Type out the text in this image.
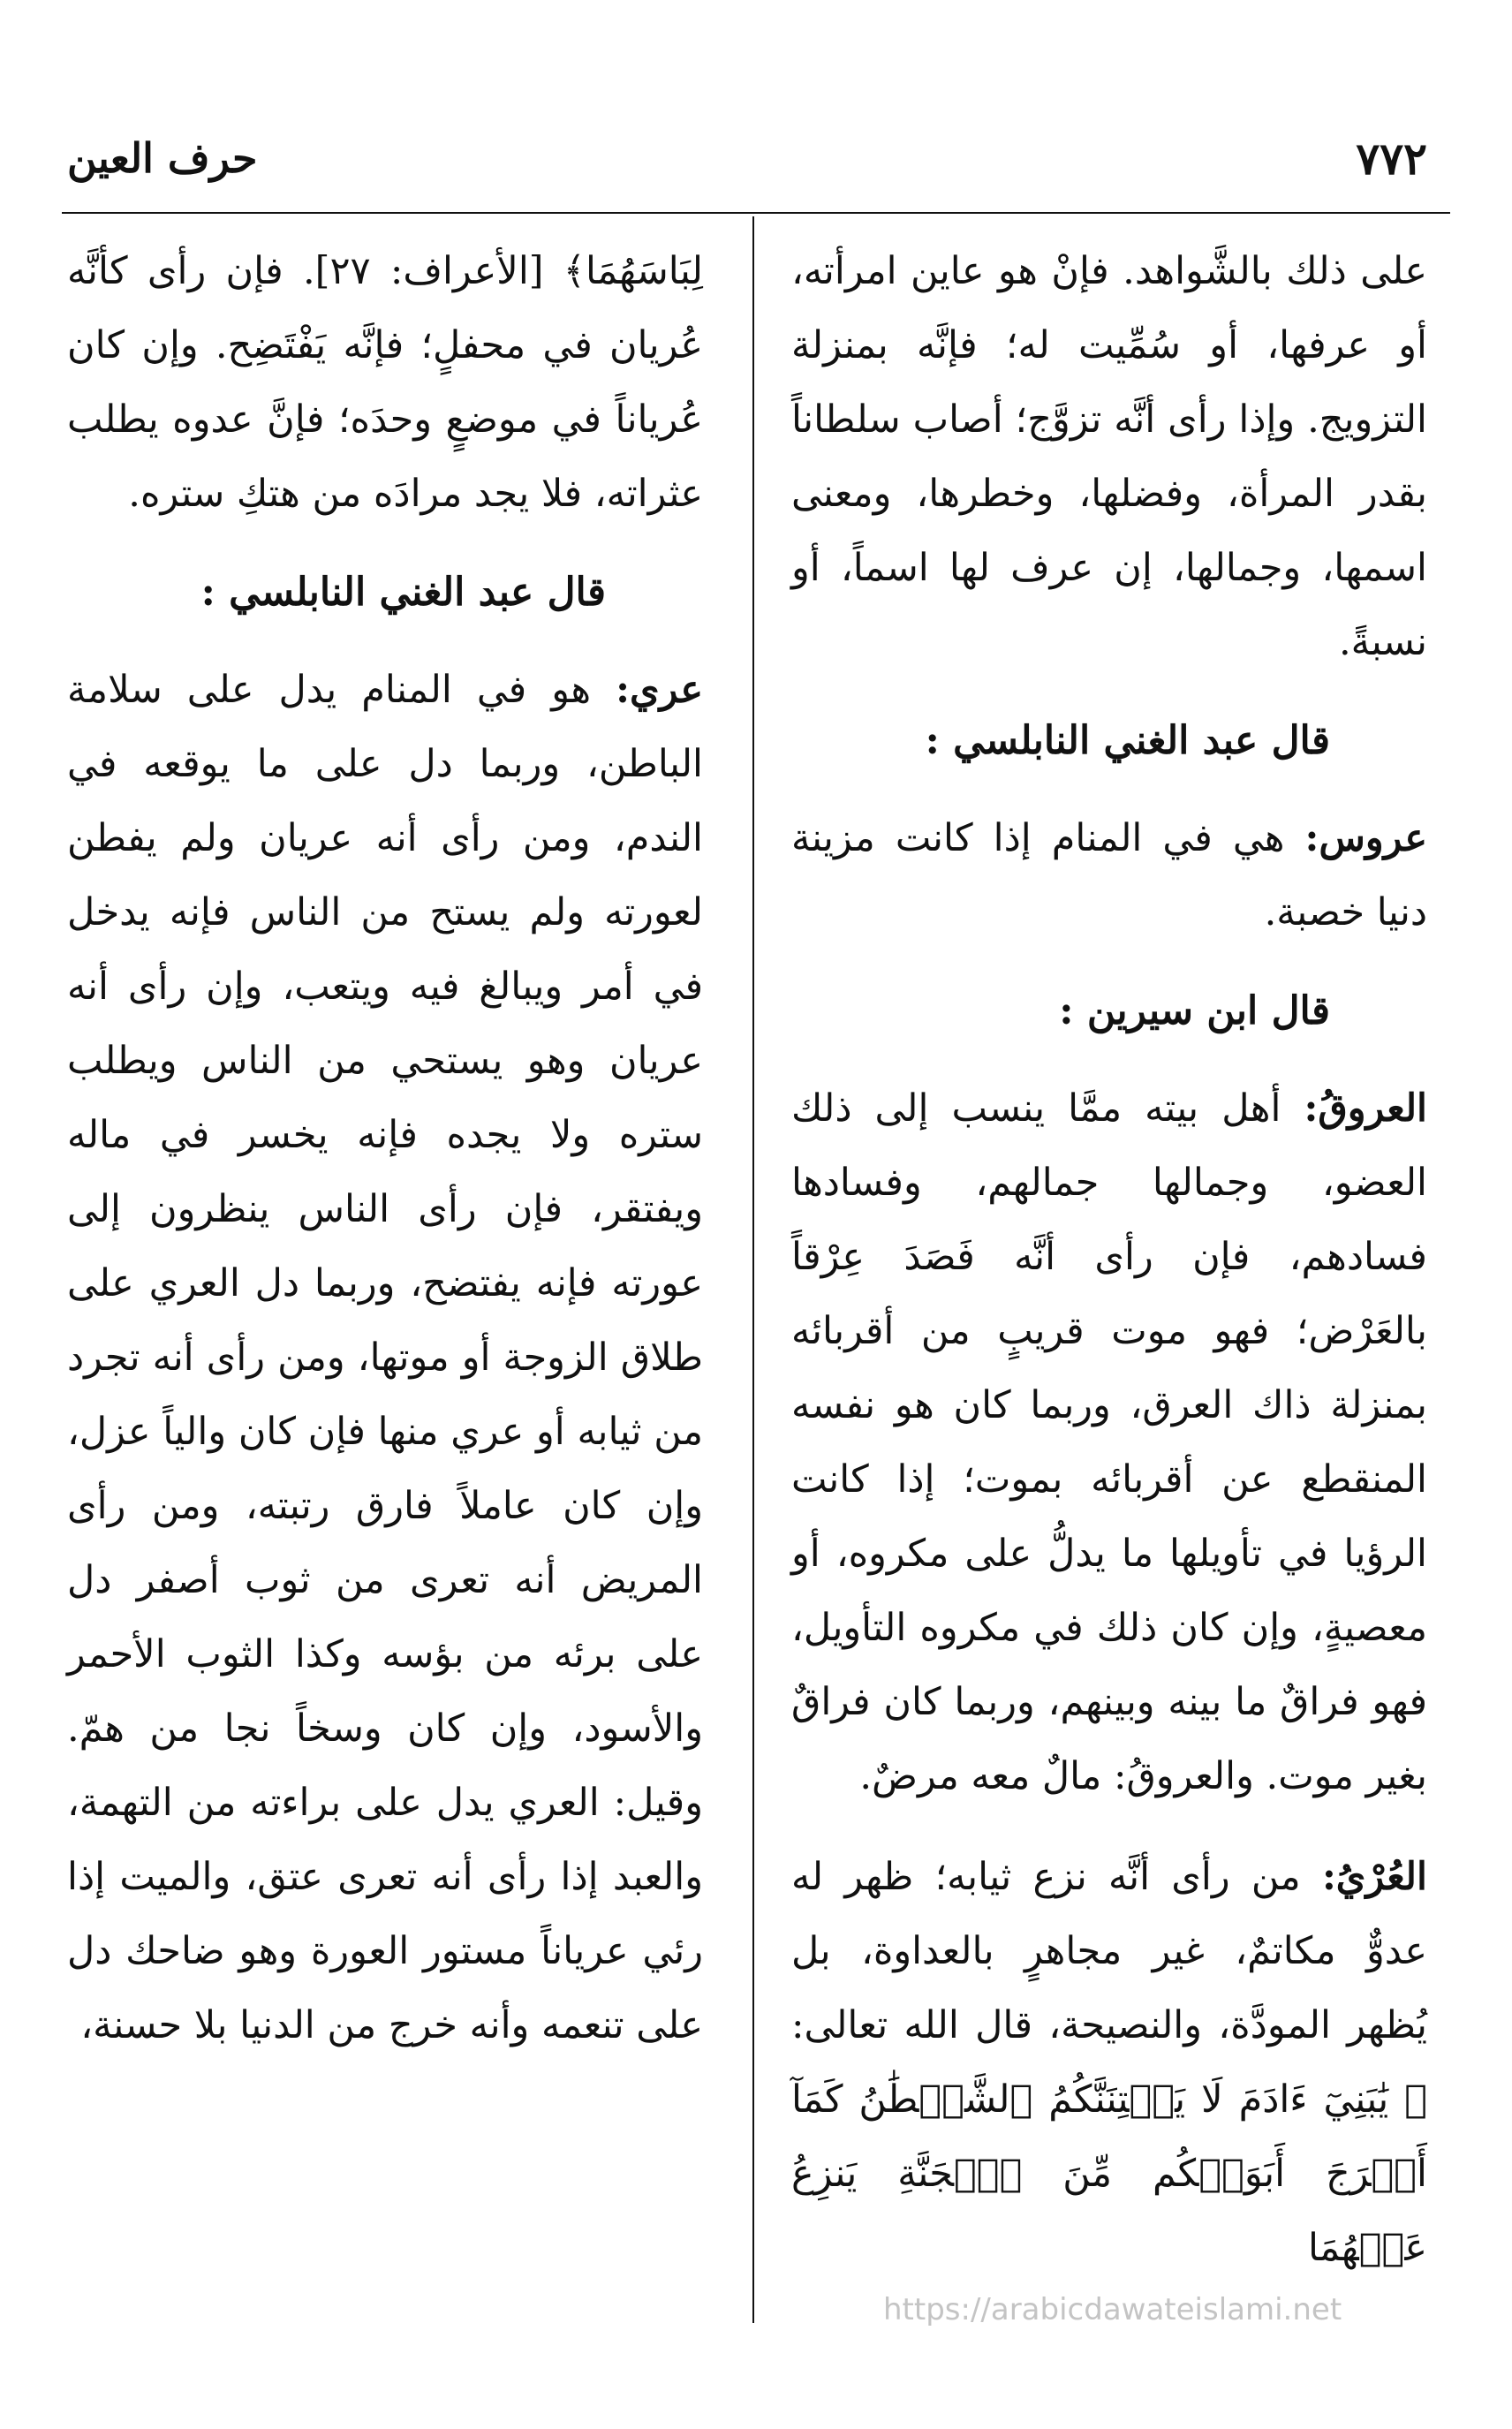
٧٧٢
حرف العين

على ذلك بالشَّواهد. فإنْ هو عاين امرأته، أو عرفها، أو سُمِّيت له؛ فإنَّه بمنزلة التزويج. وإذا رأى أنَّه تزوَّج؛ أصاب سلطاناً بقدر المرأة، وفضلها، وخطرها، ومعنى اسمها، وجمالها، إن عرف لها اسماً، أو نسبةً.

قال عبد الغني النابلسي :

عروس: هي في المنام إذا كانت مزينة دنيا خصبة.

قال ابن سيرين :

العروقُ: أهل بيته ممَّا ينسب إلى ذلك العضو، وجمالها جمالهم، وفسادها فسادهم، فإن رأى أنَّه فَصَدَ عِرْقاً بالعَرْض؛ فهو موت قريبٍ من أقربائه بمنزلة ذاك العرق، وربما كان هو نفسه المنقطع عن أقربائه بموت؛ إذا كانت الرؤيا في تأويلها ما يدلُّ على مكروه، أو معصيةٍ، وإن كان ذلك في مكروه التأويل، فهو فراقٌ ما بينه وبينهم، وربما كان فراقٌ بغير موت. والعروقُ: مالٌ معه مرضٌ.

العُرْيُ: من رأى أنَّه نزع ثيابه؛ ظهر له عدوٌّ مكاتمٌ، غير مجاهرٍ بالعداوة، بل يُظهر المودَّة، والنصيحة، قال الله تعالى: ﴿ يَٰبَنِيٓ ءَادَمَ لَا يَفۡتِنَنَّكُمُ ٱلشَّيۡطَٰنُ كَمَآ أَخۡرَجَ أَبَوَيۡكُم مِّنَ ٱلۡجَنَّةِ يَنزِعُ عَنۡهُمَا

لِبَاسَهُمَا﴾ [الأعراف: ٢٧]. فإن رأى كأنَّه عُريان في محفلٍ؛ فإنَّه يَفْتَضِح. وإن كان عُرياناً في موضعٍ وحدَه؛ فإنَّ عدوه يطلب عثراته، فلا يجد مرادَه من هتكِ ستره.

قال عبد الغني النابلسي :

عري: هو في المنام يدل على سلامة الباطن، وربما دل على ما يوقعه في الندم، ومن رأى أنه عريان ولم يفطن لعورته ولم يستح من الناس فإنه يدخل في أمر ويبالغ فيه ويتعب، وإن رأى أنه عريان وهو يستحي من الناس ويطلب ستره ولا يجده فإنه يخسر في ماله ويفتقر، فإن رأى الناس ينظرون إلى عورته فإنه يفتضح، وربما دل العري على طلاق الزوجة أو موتها، ومن رأى أنه تجرد من ثيابه أو عري منها فإن كان والياً عزل، وإن كان عاملاً فارق رتبته، ومن رأى المريض أنه تعرى من ثوب أصفر دل على برئه من بؤسه وكذا الثوب الأحمر والأسود، وإن كان وسخاً نجا من همّ. وقيل: العري يدل على براءته من التهمة، والعبد إذا رأى أنه تعرى عتق، والميت إذا رئي عرياناً مستور العورة وهو ضاحك دل على تنعمه وأنه خرج من الدنيا بلا حسنة،

https://arabicdawateislami.net
